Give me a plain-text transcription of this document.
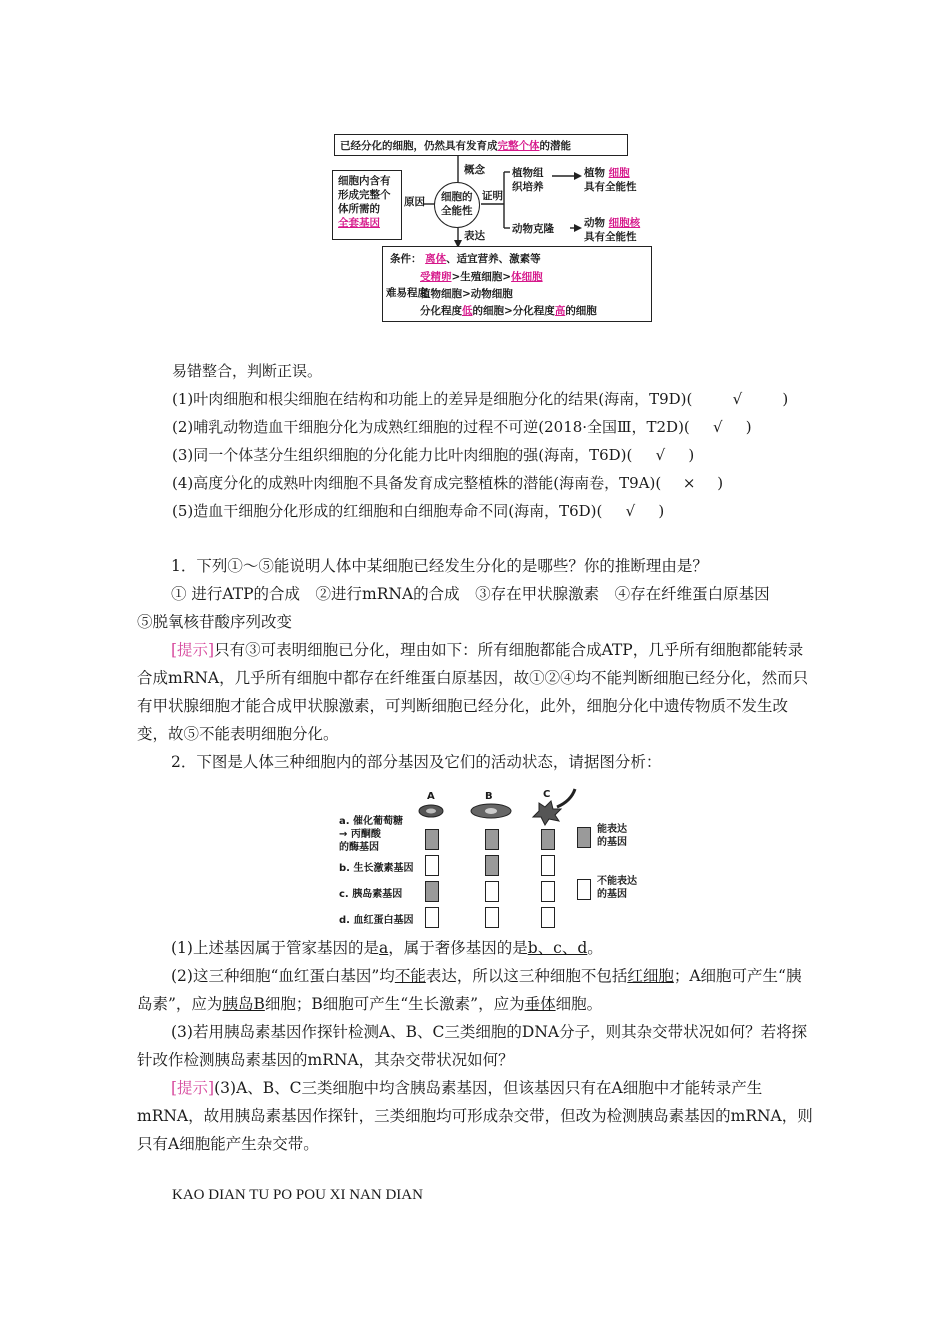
已经分化的细胞，仍然具有发育成完整个体的潜能
概念
细胞内含有
形成完整个
体所需的
全套基因
原因 细胞的
全能性
证明
植物组
织培养
植物 细胞
具有全能性
动物克隆	动物 细胞核
具有全能性
表达
条件： 离体、适宜营养、激素等
难易程度
受精卵>生殖细胞>体细胞
植物细胞>动物细胞
分化程度低的细胞>分化程度高的细胞
易错整合，判断正误。
(1)叶肉细胞和根尖细胞在结构和功能上的差异是细胞分化的结果(海南，T9D)(	√	)
(2)哺乳动物造血干细胞分化为成熟红细胞的过程不可逆(2018·全国Ⅲ，T2D)( √ )
(3)同一个体茎分生组织细胞的分化能力比叶肉细胞的强(海南，T6D)( √ )
(4)高度分化的成熟叶肉细胞不具备发育成完整植株的潜能(海南卷，T9A)( × )
(5)造血干细胞分化形成的红细胞和白细胞寿命不同(海南，T6D)( √ )
1．下列①～⑤能说明人体中某细胞已经发生分化的是哪些？你的推断理由是？
① 进行ATP的合成　②进行mRNA的合成　③存在甲状腺激素　④存在纤维蛋白原基因
⑤脱氧核苷酸序列改变
[提示]只有③可表明细胞已分化，理由如下：所有细胞都能合成ATP，几乎所有细胞都能转录合成mRNA，几乎所有细胞中都存在纤维蛋白原基因，故①②④均不能判断细胞已经分化，然而只有甲状腺细胞才能合成甲状腺激素，可判断细胞已经分化，此外，细胞分化中遗传物质不发生改变，故⑤不能表明细胞分化。
2．下图是人体三种细胞内的部分基因及它们的活动状态，请据图分析：
A	B	C
a. 催化葡萄糖
→ 丙酮酸
的酶基因
b. 生长激素基因
c. 胰岛素基因
d. 血红蛋白基因
能表达
的基因
不能表达
的基因
(1)上述基因属于管家基因的是a，属于奢侈基因的是b、c、d。
(2)这三种细胞“血红蛋白基因”均不能表达，所以这三种细胞不包括红细胞；A细胞可产生“胰岛素”，应为胰岛B细胞；B细胞可产生“生长激素”，应为垂体细胞。
(3)若用胰岛素基因作探针检测A、B、C三类细胞的DNA分子，则其杂交带状况如何？若将探针改作检测胰岛素基因的mRNA，其杂交带状况如何？
[提示](3)A、B、C三类细胞中均含胰岛素基因，但该基因只有在A细胞中才能转录产生mRNA，故用胰岛素基因作探针，三类细胞均可形成杂交带，但改为检测胰岛素基因的mRNA，则只有A细胞能产生杂交带。
KAO DIAN TU PO POU XI NAN DIAN
